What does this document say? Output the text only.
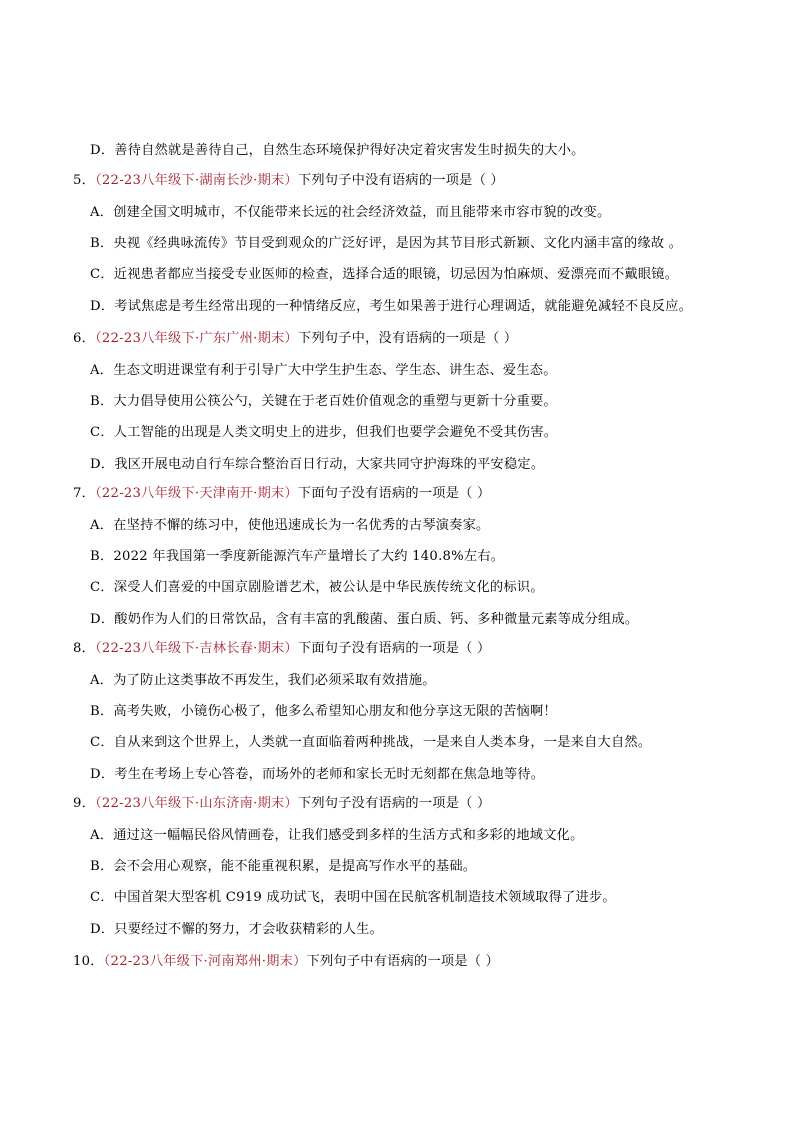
D．善待自然就是善待自己，自然生态环境保护得好决定着灾害发生时损失的大小。
5．（22-23八年级下·湖南长沙·期末）下列句子中没有语病的一项是（ ）
A．创建全国文明城市，不仅能带来长远的社会经济效益，而且能带来市容市貌的改变。
B．央视《经典咏流传》节目受到观众的广泛好评，是因为其节目形式新颖、文化内涵丰富的缘故 。
C．近视患者都应当接受专业医师的检查，选择合适的眼镜，切忌因为怕麻烦、爱漂亮而不戴眼镜。
D．考试焦虑是考生经常出现的一种情绪反应，考生如果善于进行心理调适，就能避免减轻不良反应。
6．（22-23八年级下·广东广州·期末）下列句子中，没有语病的一项是（ ）
A．生态文明进课堂有利于引导广大中学生护生态、学生态、讲生态、爱生态。
B．大力倡导使用公筷公勺，关键在于老百姓价值观念的重塑与更新十分重要。
C．人工智能的出现是人类文明史上的进步，但我们也要学会避免不受其伤害。
D．我区开展电动自行车综合整治百日行动，大家共同守护海珠的平安稳定。
7．（22-23八年级下·天津南开·期末）下面句子没有语病的一项是（ ）
A．在坚持不懈的练习中，使他迅速成长为一名优秀的古琴演奏家。
B．2022 年我国第一季度新能源汽车产量增长了大约 140.8%左右。
C．深受人们喜爱的中国京剧脸谱艺术，被公认是中华民族传统文化的标识。
D．酸奶作为人们的日常饮品，含有丰富的乳酸菌、蛋白质、钙、多种微量元素等成分组成。
8．（22-23八年级下·吉林长春·期末）下面句子没有语病的一项是（ ）
A．为了防止这类事故不再发生，我们必须采取有效措施。
B．高考失败，小镜伤心极了，他多么希望知心朋友和他分享这无限的苦恼啊！
C．自从来到这个世界上，人类就一直面临着两种挑战，一是来自人类本身，一是来自大自然。
D．考生在考场上专心答卷，而场外的老师和家长无时无刻都在焦急地等待。
9．（22-23八年级下·山东济南·期末）下列句子没有语病的一项是（ ）
A．通过这一幅幅民俗风情画卷，让我们感受到多样的生活方式和多彩的地域文化。
B．会不会用心观察，能不能重视积累，是提高写作水平的基础。
C．中国首架大型客机 C919 成功试飞，表明中国在民航客机制造技术领域取得了进步。
D．只要经过不懈的努力，才会收获精彩的人生。
10．（22-23八年级下·河南郑州·期末）下列句子中有语病的一项是（ ）
